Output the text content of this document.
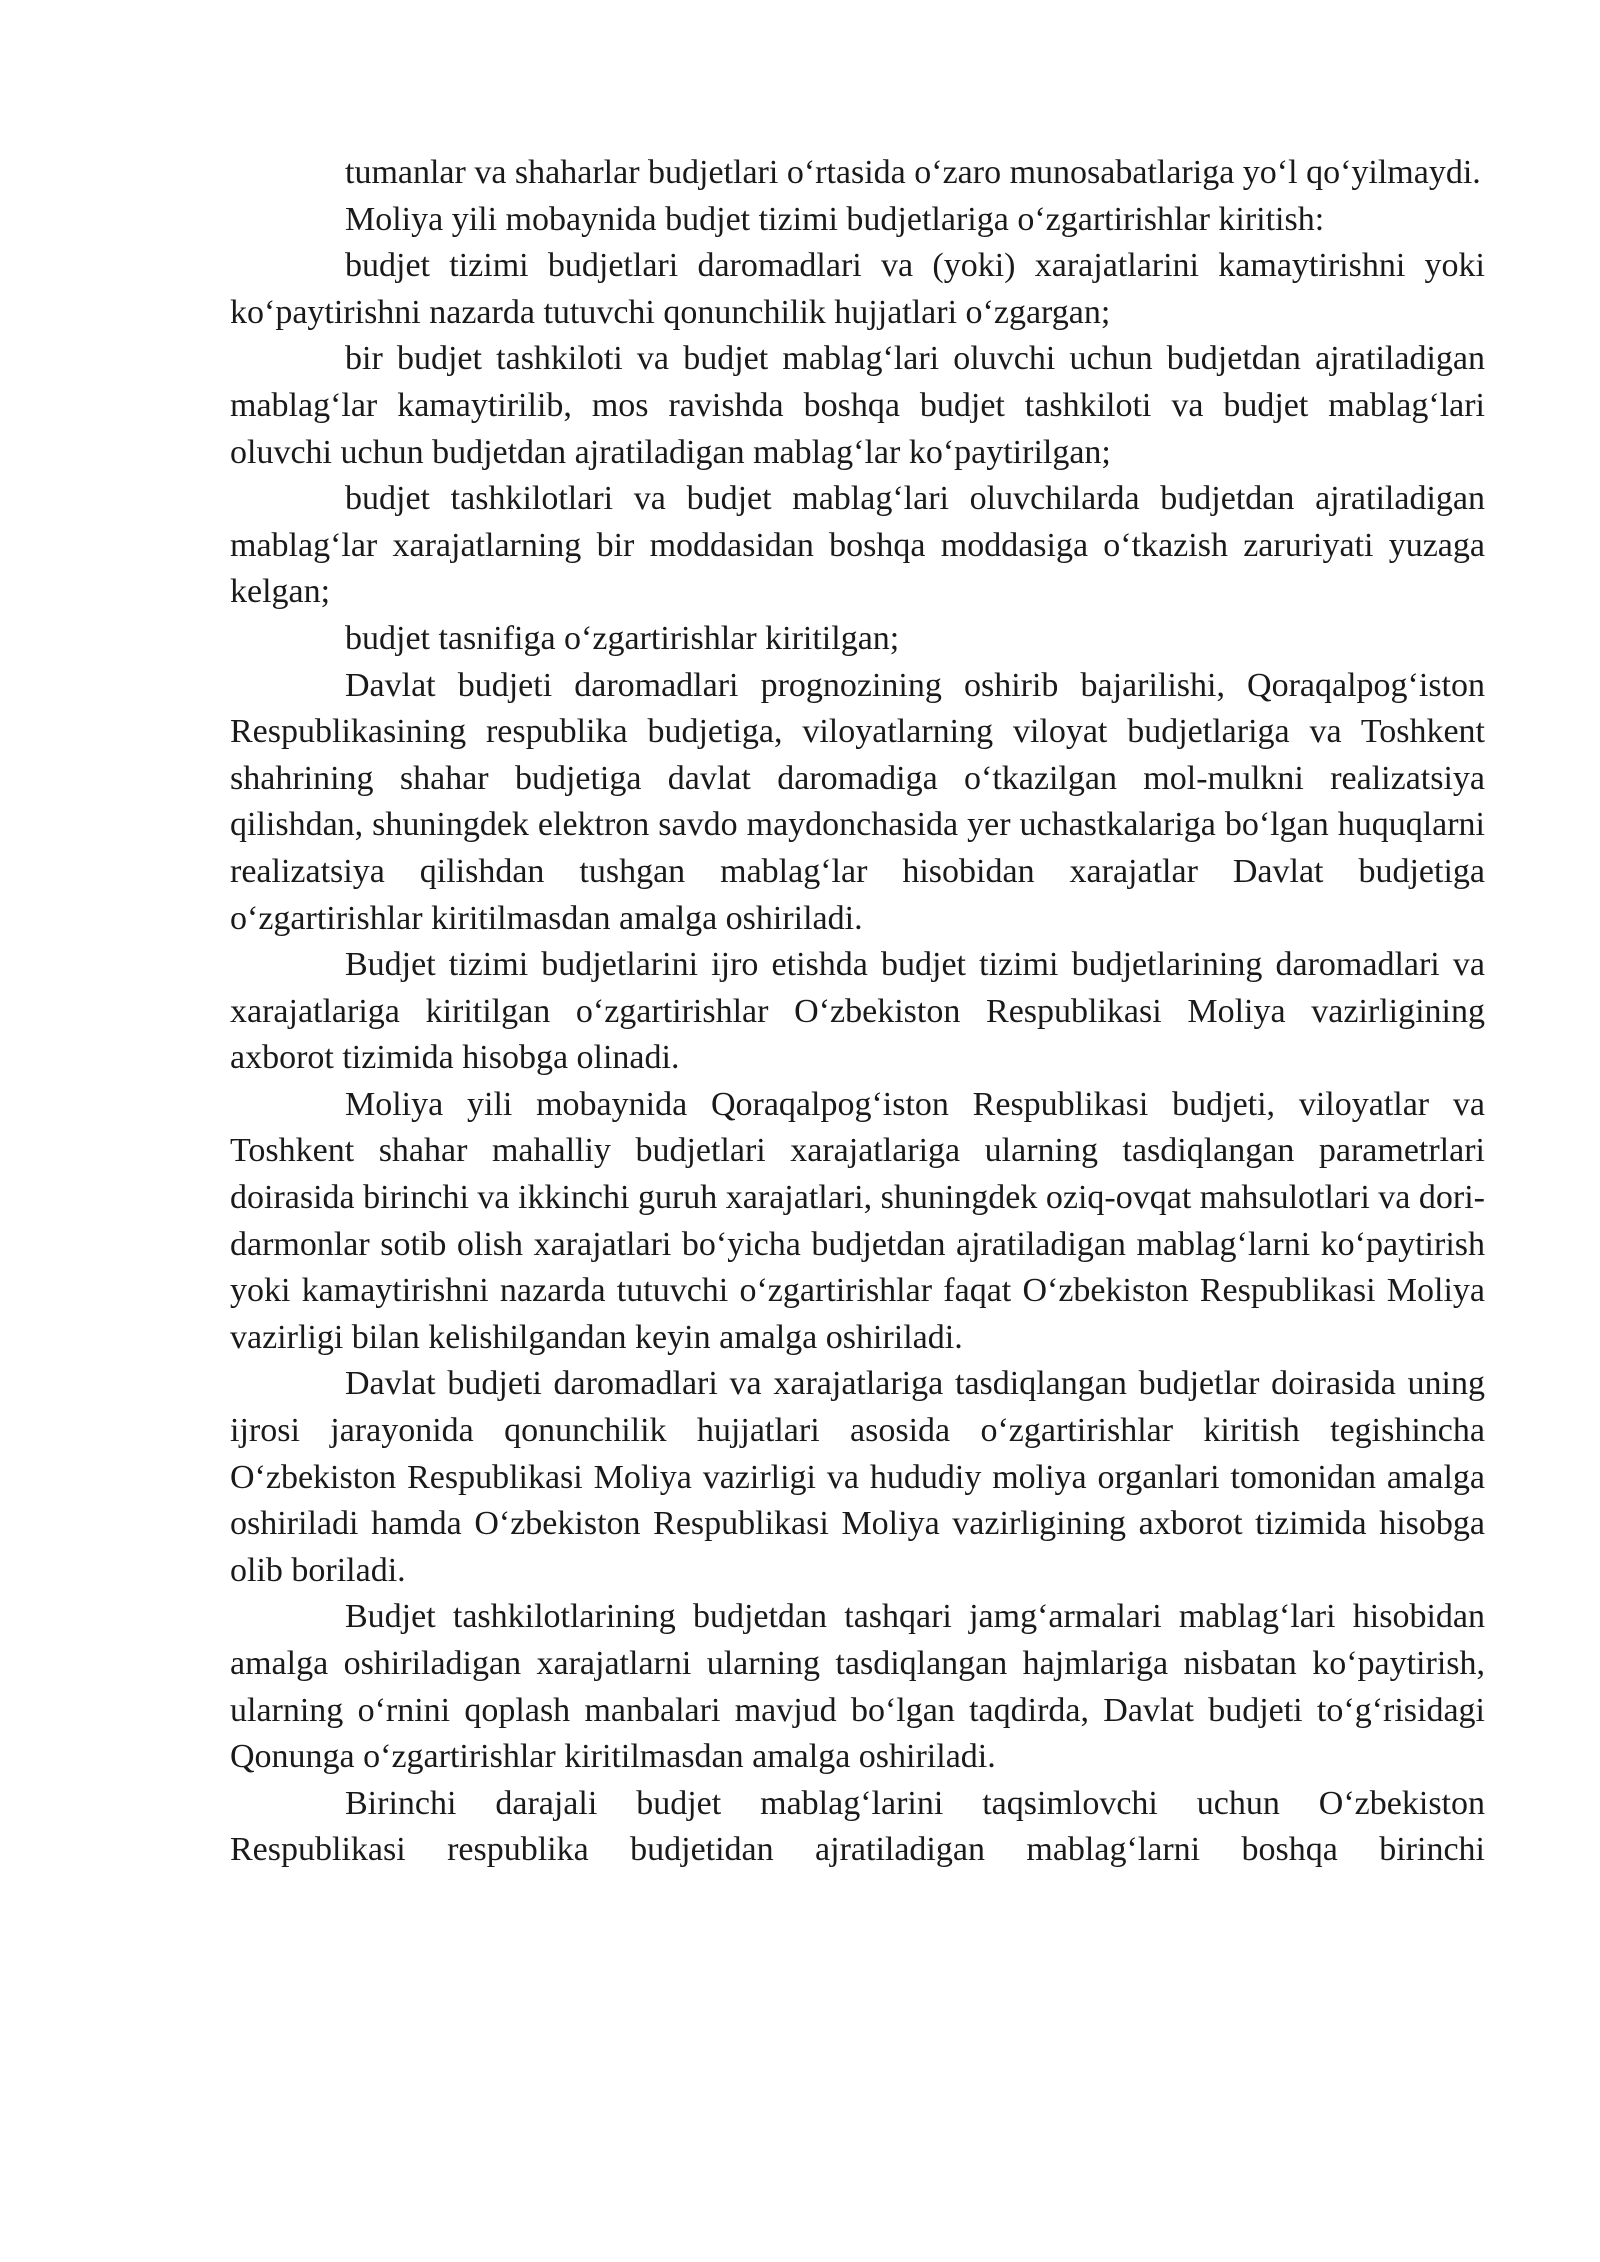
tumanlar va shaharlar budjetlari o‘rtasida o‘zaro munosabatlariga yo‘l qo‘yilmaydi.

Moliya yili mobaynida budjet tizimi budjetlariga o‘zgartirishlar kiritish:

budjet tizimi budjetlari daromadlari va (yoki) xarajatlarini kamaytirishni yoki ko‘paytirishni nazarda tutuvchi qonunchilik hujjatlari o‘zgargan;

bir budjet tashkiloti va budjet mablag‘lari oluvchi uchun budjetdan ajratiladigan mablag‘lar kamaytirilib, mos ravishda boshqa budjet tashkiloti va budjet mablag‘lari oluvchi uchun budjetdan ajratiladigan mablag‘lar ko‘paytirilgan;

budjet tashkilotlari va budjet mablag‘lari oluvchilarda budjetdan ajratiladigan mablag‘lar xarajatlarning bir moddasidan boshqa moddasiga o‘tkazish zaruriyati yuzaga kelgan;

budjet tasnifiga o‘zgartirishlar kiritilgan;

Davlat budjeti daromadlari prognozining oshirib bajarilishi, Qoraqalpog‘iston Respublikasining respublika budjetiga, viloyatlarning viloyat budjetlariga va Toshkent shahrining shahar budjetiga davlat daromadiga o‘tkazilgan mol-mulkni realizatsiya qilishdan, shuningdek elektron savdo maydonchasida yer uchastkalariga bo‘lgan huquqlarni realizatsiya qilishdan tushgan mablag‘lar hisobidan xarajatlar Davlat budjetiga o‘zgartirishlar kiritilmasdan amalga oshiriladi.

Budjet tizimi budjetlarini ijro etishda budjet tizimi budjetlarining daromadlari va xarajatlariga kiritilgan o‘zgartirishlar O‘zbekiston Respublikasi Moliya vazirligining axborot tizimida hisobga olinadi.

Moliya yili mobaynida Qoraqalpog‘iston Respublikasi budjeti, viloyatlar va Toshkent shahar mahalliy budjetlari xarajatlariga ularning tasdiqlangan parametrlari doirasida birinchi va ikkinchi guruh xarajatlari, shuningdek oziq-ovqat mahsulotlari va dori-darmonlar sotib olish xarajatlari bo‘yicha budjetdan ajratiladigan mablag‘larni ko‘paytirish yoki kamaytirishni nazarda tutuvchi o‘zgartirishlar faqat O‘zbekiston Respublikasi Moliya vazirligi bilan kelishilgandan keyin amalga oshiriladi.

Davlat budjeti daromadlari va xarajatlariga tasdiqlangan budjetlar doirasida uning ijrosi jarayonida qonunchilik hujjatlari asosida o‘zgartirishlar kiritish tegishincha O‘zbekiston Respublikasi Moliya vazirligi va hududiy moliya organlari tomonidan amalga oshiriladi hamda O‘zbekiston Respublikasi Moliya vazirligining axborot tizimida hisobga olib boriladi.

Budjet tashkilotlarining budjetdan tashqari jamg‘armalari mablag‘lari hisobidan amalga oshiriladigan xarajatlarni ularning tasdiqlangan hajmlariga nisbatan ko‘paytirish, ularning o‘rnini qoplash manbalari mavjud bo‘lgan taqdirda, Davlat budjeti to‘g‘risidagi Qonunga o‘zgartirishlar kiritilmasdan amalga oshiriladi.

Birinchi darajali budjet mablag‘larini taqsimlovchi uchun O‘zbekiston Respublikasi respublika budjetidan ajratiladigan mablag‘larni boshqa birinchi
